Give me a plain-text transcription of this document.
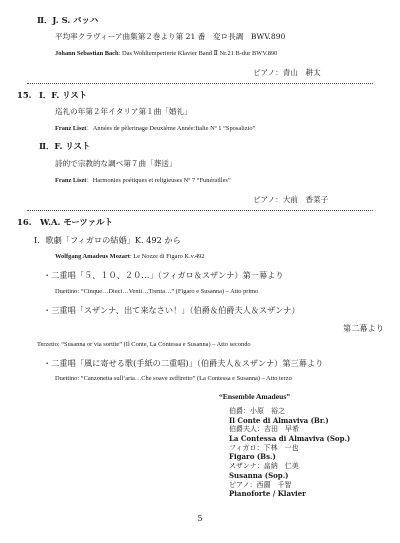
Ⅱ．J. S. バッハ
平均率クラヴィーア曲集第２巻より第 21 番　変ロ長調　BWV.890
Johann Sebastian Bach: Das Wohltemperierte Klavier Band Ⅱ Nr.21 B-dur BWV.890
ピアノ：青山　耕太
15. Ⅰ．F. リスト
巡礼の年第２年イタリア第１曲「婚礼」
Franz Liszt：Années de pèlerinage Deuxième Année:Italie Nº 1 “Sposalizio”
Ⅱ．F. リスト
詩的で宗教的な調べ第７曲「葬送」
Franz Liszt：Harmonies poétiques et religieuses Nº 7 “Funérailles”
ピアノ：大前　香菜子
16. W.A. モーツァルト
Ⅰ．歌劇「フィガロの結婚」K. 492 から
Wolfgang Amadeus Mozart: Le Nozze di Figaro K.v.492
・二重唱「５、１０、２０…」（フィガロ＆スザンナ）第一幕より
Duettino: “Cinque…Dieci…Venti…Trenta…” (Figaro e Susanna) – Atto primo
・三重唱「スザンナ、出て来なさい！」（伯爵＆伯爵夫人＆スザンナ）
第二幕より
Terzetto: “Susanna or via sortite” (Il Conte, La Contessa e Susanna) – Atto secondo
・二重唱「風に寄せる歌(手紙の二重唱)」（伯爵夫人＆スザンナ）第三幕より
Duettino: “Canzonetta sull’aria…Che soave zeffiretto” (La Contessa e Susanna) – Atto terzo
“Ensemble Amadeus”
5
伯爵：小原　裕之
Il Conte di Almaviva (Br.)
伯爵夫人：吉田　早希
La Contessa di Almaviva (Sop.)
フィガロ：下林　一也
Figaro (Bs.)
スザンナ：畠納　仁美
Susanna (Sop.)
ピアノ：西薗　千智
Pianoforte / Klavier
